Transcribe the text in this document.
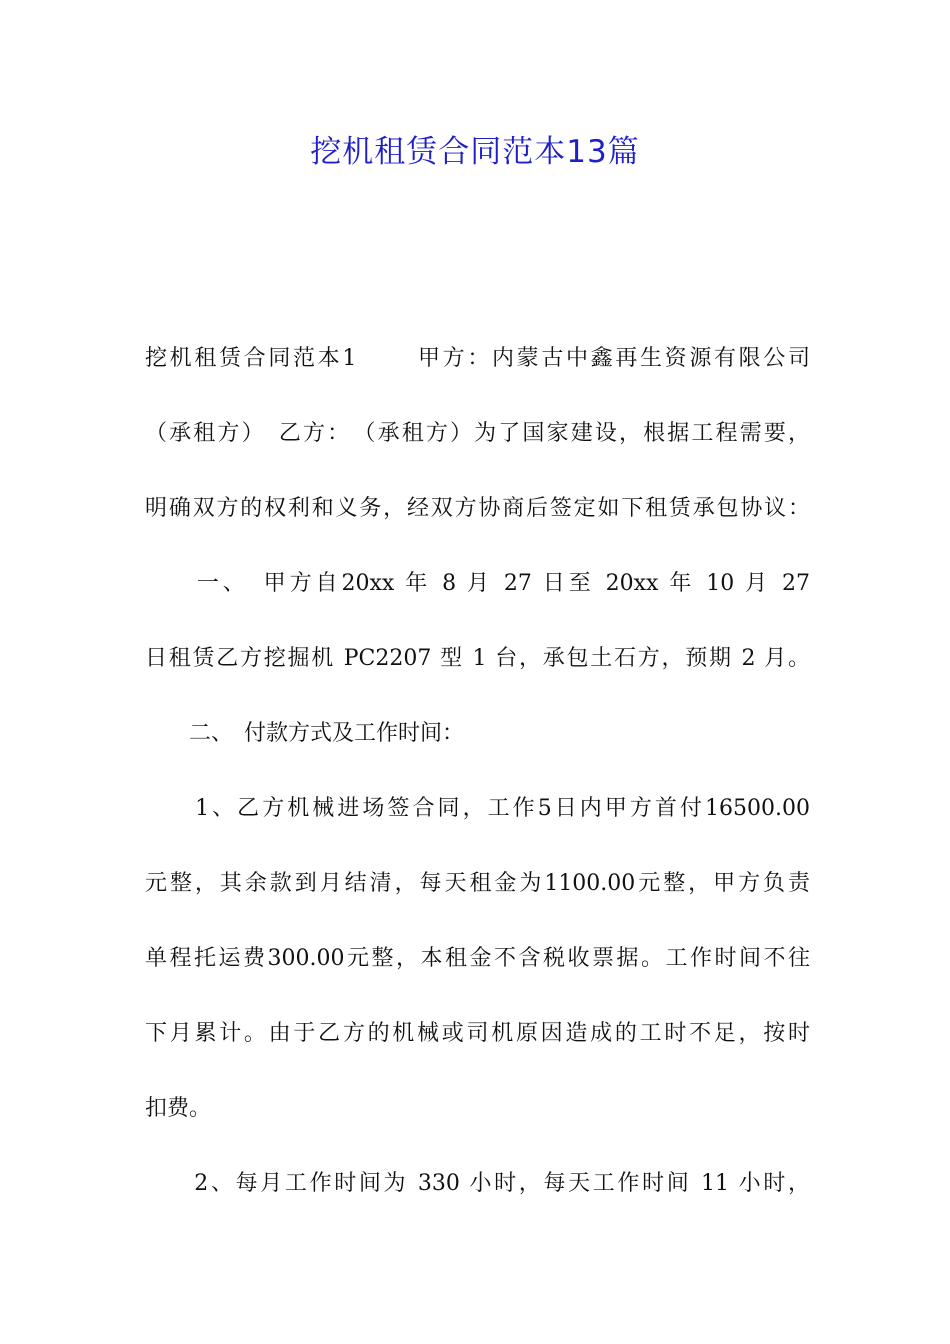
挖机租赁合同范本13篇
挖机租赁合同范本1　　 甲方：内蒙古中鑫再生资源有限公司
（承租方）　乙方：　（承租方）为了国家建设，根据工程需要，
明确双方的权利和义务，经双方协商后签定如下租赁承包协议：
　　一、　甲方自20xx 年 8 月 27 日至 20xx 年 10 月 27
日租赁乙方挖掘机 PC2207 型 1 台，承包土石方，预期 2 月。
　　二、　付款方式及工作时间：
　　1、乙方机械进场签合同，工作5日内甲方首付16500.00
元整，其余款到月结清，每天租金为1100.00元整，甲方负责
单程托运费300.00元整，本租金不含税收票据。工作时间不往
下月累计。由于乙方的机械或司机原因造成的工时不足，按时
扣费。
　　2、每月工作时间为 330 小时，每天工作时间 11 小时，
